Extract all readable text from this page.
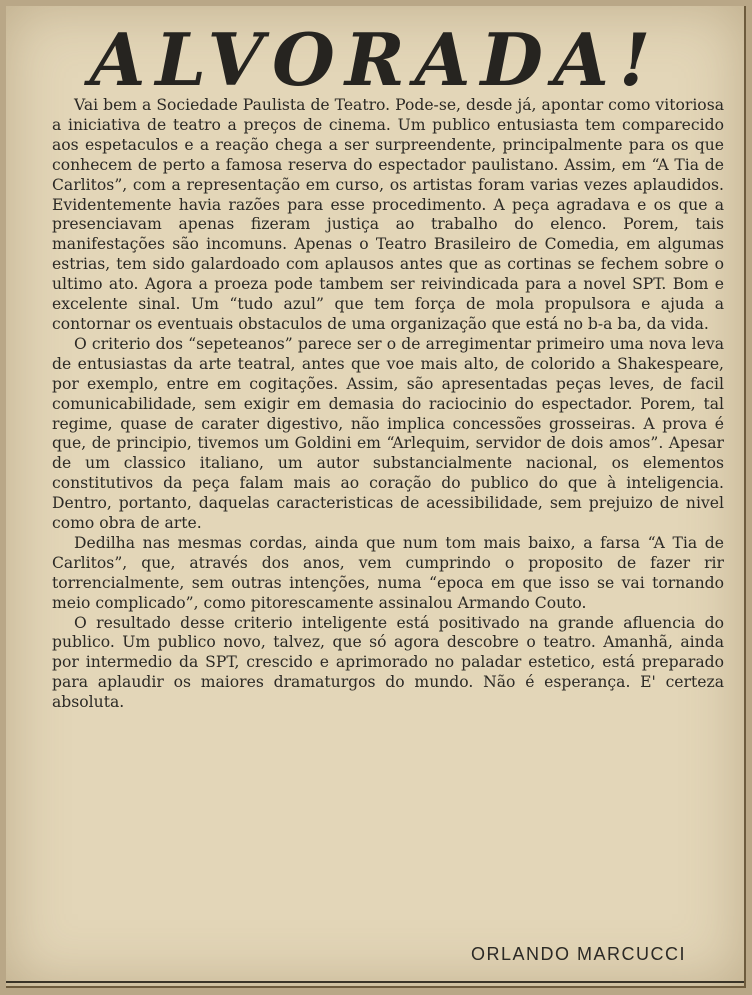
ALVORADA!

Vai bem a Sociedade Paulista de Teatro. Pode-se, desde já, apontar como vitoriosa a iniciativa de teatro a preços de cinema. Um publico entusiasta tem comparecido aos espetaculos e a reação chega a ser surpreendente, principalmente para os que conhecem de perto a famosa reserva do espectador paulistano. Assim, em “A Tia de Carlitos”, com a representação em curso, os artistas foram varias vezes aplaudidos. Evidentemente havia razões para esse procedimento. A peça agradava e os que a presenciavam apenas fizeram justiça ao trabalho do elenco. Porem, tais manifestações são incomuns. Apenas o Teatro Brasileiro de Comedia, em algumas estrias, tem sido galardoado com aplausos antes que as cortinas se fechem sobre o ultimo ato. Agora a proeza pode tambem ser reivindicada para a novel SPT. Bom e excelente sinal. Um “tudo azul” que tem força de mola propulsora e ajuda a contornar os eventuais obstaculos de uma organização que está no b-a ba, da vida.

O criterio dos “sepeteanos” parece ser o de arregimentar primeiro uma nova leva de entusiastas da arte teatral, antes que voe mais alto, de colorido a Shakespeare, por exemplo, entre em cogitações. Assim, são apresentadas peças leves, de facil comunicabilidade, sem exigir em demasia do raciocinio do espectador. Porem, tal regime, quase de carater digestivo, não implica concessões grosseiras. A prova é que, de principio, tivemos um Goldini em “Arlequim, servidor de dois amos”. Apesar de um classico italiano, um autor substancialmente nacional, os elementos constitutivos da peça falam mais ao coração do publico do que à inteligencia. Dentro, portanto, daquelas caracteristicas de acessibilidade, sem prejuizo de nivel como obra de arte.

Dedilha nas mesmas cordas, ainda que num tom mais baixo, a farsa “A Tia de Carlitos”, que, através dos anos, vem cumprindo o proposito de fazer rir torrencialmente, sem outras intenções, numa “epoca em que isso se vai tornando meio complicado”, como pitorescamente assinalou Armando Couto.

O resultado desse criterio inteligente está positivado na grande afluencia do publico. Um publico novo, talvez, que só agora descobre o teatro. Amanhã, ainda por intermedio da SPT, crescido e aprimorado no paladar estetico, está preparado para aplaudir os maiores dramaturgos do mundo. Não é esperança. E' certeza absoluta.

ORLANDO MARCUCCI
